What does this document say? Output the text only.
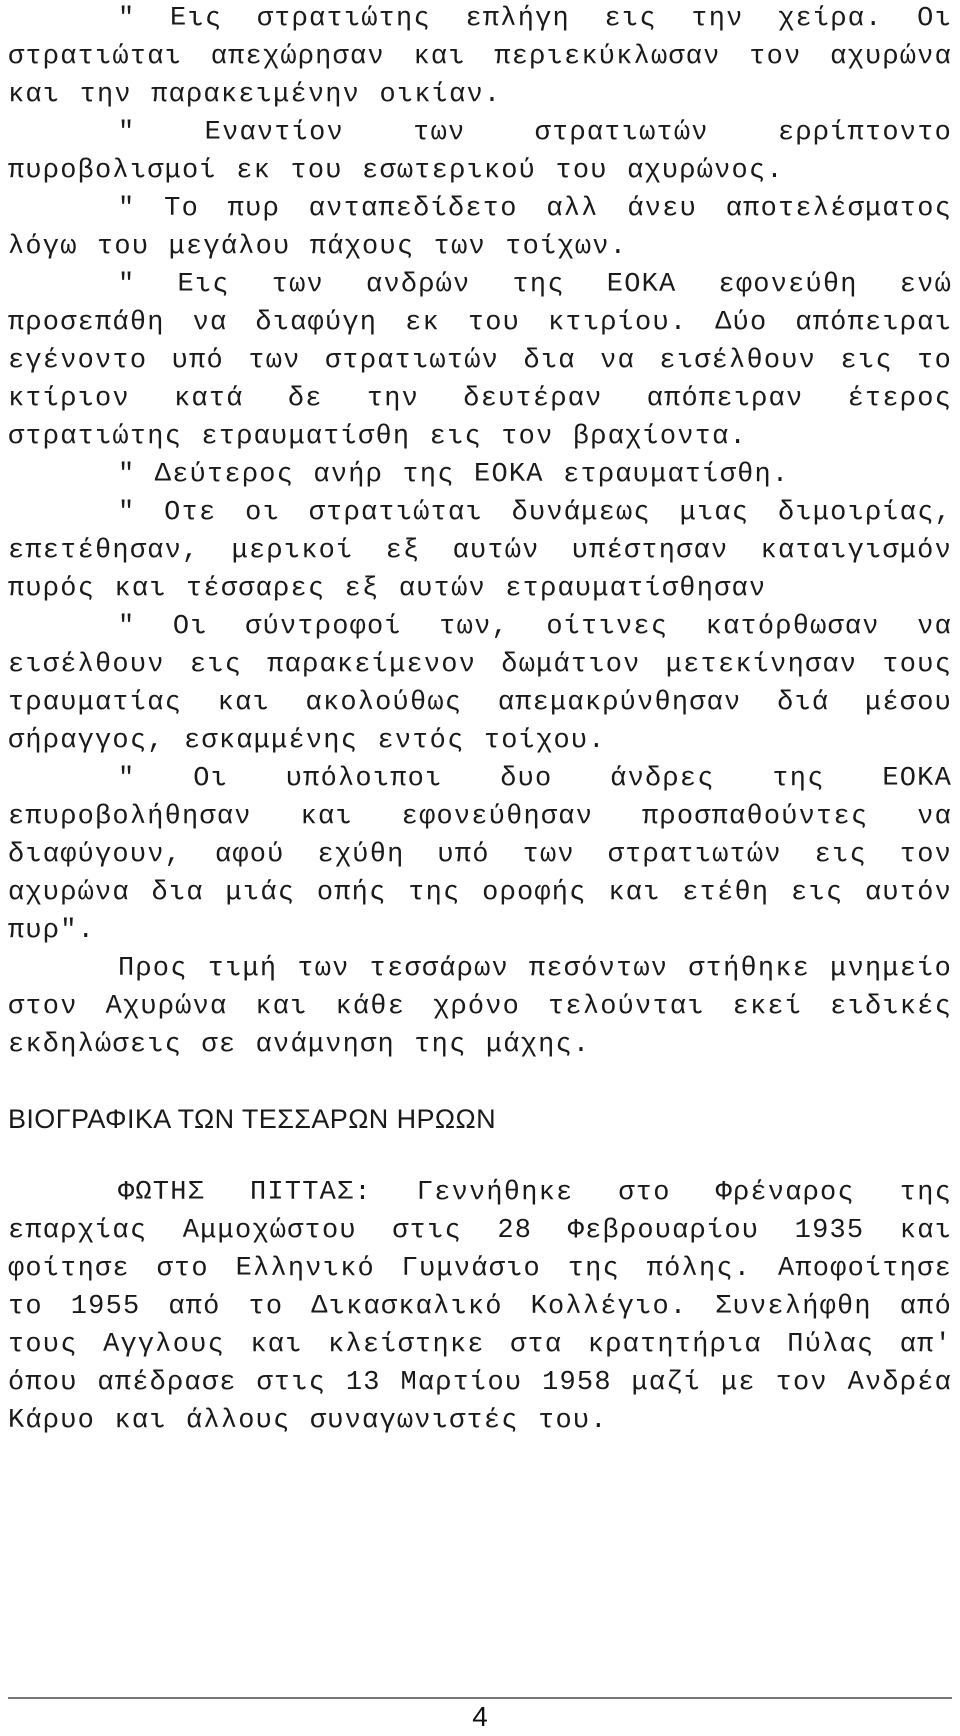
" Εις στρατιώτης επλήγη εις την χείρα. Οι στρατιώται απεχώρησαν και περιεκύκλωσαν τον αχυρώνα και την παρακειμένην οικίαν.

" Εναντίον των στρατιωτών ερρίπτοντο πυροβολισμοί εκ του εσωτερικού του αχυρώνος.

" Το πυρ ανταπεδίδετο αλλ άνευ αποτελέσματος λόγω του μεγάλου πάχους των τοίχων.

" Εις των ανδρών της ΕΟΚΑ εφονεύθη ενώ προσεπάθη να διαφύγη εκ του κτιρίου. Δύο απόπειραι εγένοντο υπό των στρατιωτών δια να εισέλθουν εις το κτίριον κατά δε την δευτέραν απόπειραν έτερος στρατιώτης ετραυματίσθη εις τον βραχίοντα.

" Δεύτερος ανήρ της ΕΟΚΑ ετραυματίσθη.

" Οτε οι στρατιώται δυνάμεως μιας διμοιρίας, επετέθησαν, μερικοί εξ αυτών υπέστησαν καταιγισμόν πυρός και τέσσαρες εξ αυτών ετραυματίσθησαν

" Οι σύντροφοί των, οίτινες κατόρθωσαν να εισέλθουν εις παρακείμενον δωμάτιον μετεκίνησαν τους τραυματίας και ακολούθως απεμακρύνθησαν διά μέσου σήραγγος, εσκαμμένης εντός τοίχου.

" Οι υπόλοιποι δυο άνδρες της ΕΟΚΑ επυροβολήθησαν και εφονεύθησαν προσπαθούντες να διαφύγουν, αφού εχύθη υπό των στρατιωτών εις τον αχυρώνα δια μιάς οπής της οροφής και ετέθη εις αυτόν πυρ".

Προς τιμή των τεσσάρων πεσόντων στήθηκε μνημείο στον Αχυρώνα και κάθε χρόνο τελούνται εκεί ειδικές εκδηλώσεις σε ανάμνηση της μάχης.

ΒΙΟΓΡΑΦΙΚΑ ΤΩΝ ΤΕΣΣΑΡΩΝ ΗΡΩΩΝ

ΦΩΤΗΣ ΠΙΤΤΑΣ: Γεννήθηκε στο Φρέναρος της επαρχίας Αμμοχώστου στις 28 Φεβρουαρίου 1935 και φοίτησε στο Ελληνικό Γυμνάσιο της πόλης. Αποφοίτησε το 1955 από το Δικασκαλικό Κολλέγιο. Συνελήφθη από τους Αγγλους και κλείστηκε στα κρατητήρια Πύλας απ' όπου απέδρασε στις 13 Μαρτίου 1958 μαζί με τον Ανδρέα Κάρυο και άλλους συναγωνιστές του.

4
